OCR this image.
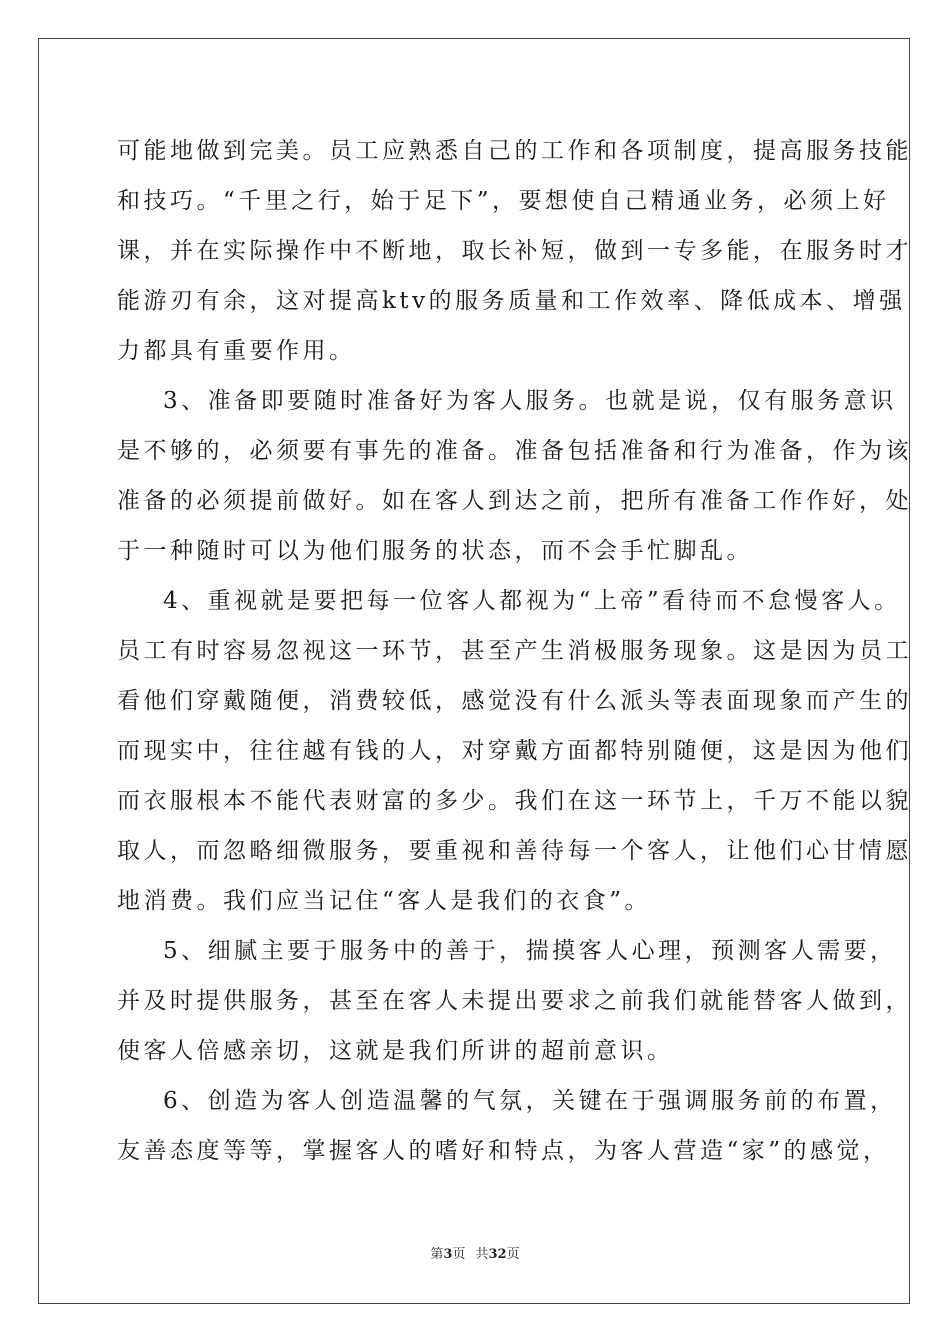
可能地做到完美。员工应熟悉自己的工作和各项制度，提高服务技能
和技巧。“千里之行，始于足下”，要想使自己精通业务，必须上好
课，并在实际操作中不断地，取长补短，做到一专多能，在服务时才
能游刃有余，这对提高ktv的服务质量和工作效率、降低成本、增强
力都具有重要作用。
3、准备即要随时准备好为客人服务。也就是说，仅有服务意识
是不够的，必须要有事先的准备。准备包括准备和行为准备，作为该
准备的必须提前做好。如在客人到达之前，把所有准备工作作好，处
于一种随时可以为他们服务的状态，而不会手忙脚乱。
4、重视就是要把每一位客人都视为“上帝”看待而不怠慢客人。
员工有时容易忽视这一环节，甚至产生消极服务现象。这是因为员工
看他们穿戴随便，消费较低，感觉没有什么派头等表面现象而产生的
而现实中，往往越有钱的人，对穿戴方面都特别随便，这是因为他们
而衣服根本不能代表财富的多少。我们在这一环节上，千万不能以貌
取人，而忽略细微服务，要重视和善待每一个客人，让他们心甘情愿
地消费。我们应当记住“客人是我们的衣食”。
5、细腻主要于服务中的善于，揣摸客人心理，预测客人需要，
并及时提供服务，甚至在客人未提出要求之前我们就能替客人做到，
使客人倍感亲切，这就是我们所讲的超前意识。
6、创造为客人创造温馨的气氛，关键在于强调服务前的布置，
友善态度等等，掌握客人的嗜好和特点，为客人营造“家”的感觉，
第3页 共32页
